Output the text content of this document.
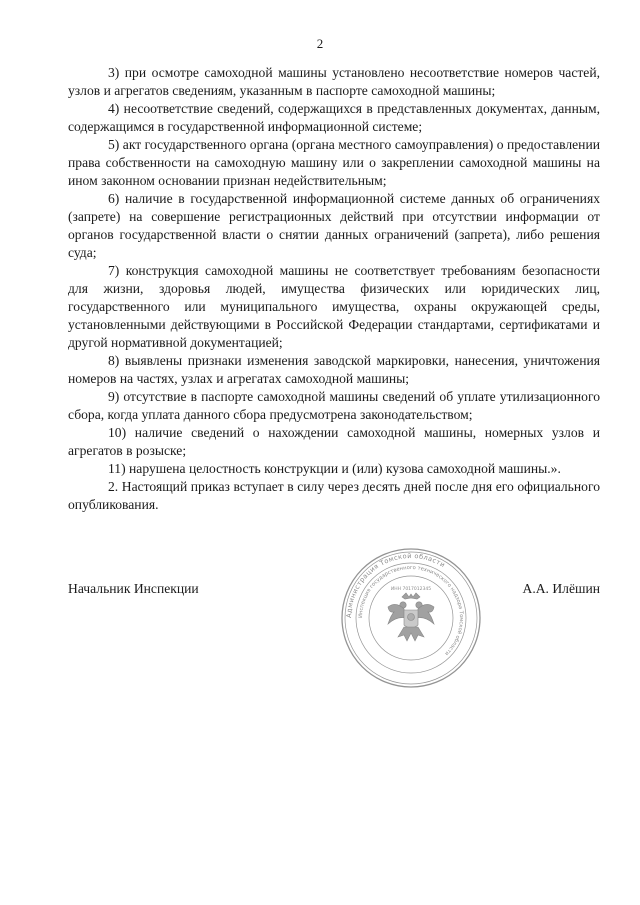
2

3) при осмотре самоходной машины установлено несоответствие номеров частей, узлов и агрегатов сведениям, указанным в паспорте самоходной машины;

4) несоответствие сведений, содержащихся в представленных документах, данным, содержащимся в государственной информационной системе;

5) акт государственного органа (органа местного самоуправления) о предоставлении права собственности на самоходную машину или о закреплении самоходной машины на ином законном основании признан недействительным;

6) наличие в государственной информационной системе данных об ограничениях (запрете) на совершение регистрационных действий при отсутствии информации от органов государственной власти о снятии данных ограничений (запрета), либо решения суда;

7) конструкция самоходной машины не соответствует требованиям безопасности для жизни, здоровья людей, имущества физических или юридических лиц, государственного или муниципального имущества, охраны окружающей среды, установленными действующими в Российской Федерации стандартами, сертификатами и другой нормативной документацией;

8) выявлены признаки изменения заводской маркировки, нанесения, уничтожения номеров на частях, узлах и агрегатах самоходной машины;

9) отсутствие в паспорте самоходной машины сведений об уплате утилизационного сбора, когда уплата данного сбора предусмотрена законодательством;

10) наличие сведений о нахождении самоходной машины, номерных узлов и агрегатов в розыске;

11) нарушена целостность конструкции и (или) кузова самоходной машины.».

2. Настоящий приказ вступает в силу через десять дней после дня его официального опубликования.

Начальник Инспекции	А.А. Илёшин
Администрация Томской области
Инспекция государственного технического надзора Томской области
ИНН 7017012345
